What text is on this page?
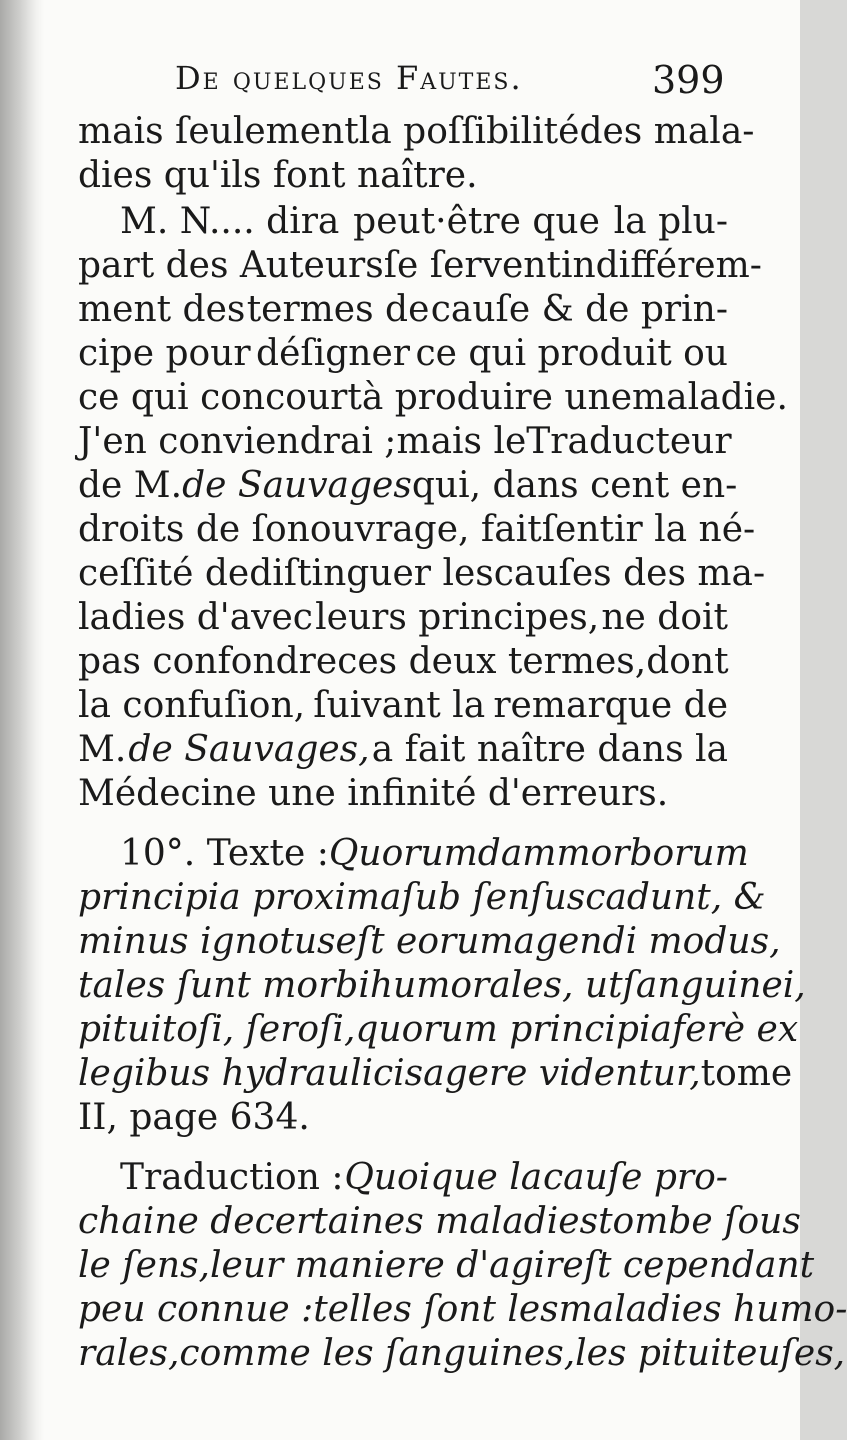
De quelques Fautes.	399
mais ſeulement la poſſibilité des mala-
dies qu'ils font naître.
M. N.... dira peut·être que la plu-
part des Auteurs ſe ſervent indifférem-
ment des termes de cauſe & de prin-
cipe pour déſigner ce qui produit ou
ce qui concourt à produire une maladie.
J'en conviendrai ; mais le Traducteur
de M. de Sauvages qui, dans cent en-
droits de ſon ouvrage, fait ſentir la né-
ceſſité de diſtinguer les cauſes des ma-
ladies d'avec leurs principes, ne doit
pas confondre ces deux termes, dont
la confuſion, ſuivant la remarque de
M. de Sauvages, a fait naître dans la
Médecine une infinité d'erreurs.
10°. Texte : Quorumdam morborum
principia proxima ſub ſenſus cadunt, &
minus ignotus eſt eorum agendi modus,
tales ſunt morbi humorales, ut ſanguinei,
pituitoſi, ſeroſi, quorum principia ferè ex
legibus hydraulicis agere videntur, tome
II, page 634.
Traduction : Quoique la cauſe pro-
chaine de certaines maladies tombe ſous
le ſens, leur maniere d'agir eſt cependant
peu connue : telles ſont les maladies humo-
rales, comme les ſanguines, les pituiteuſes,
